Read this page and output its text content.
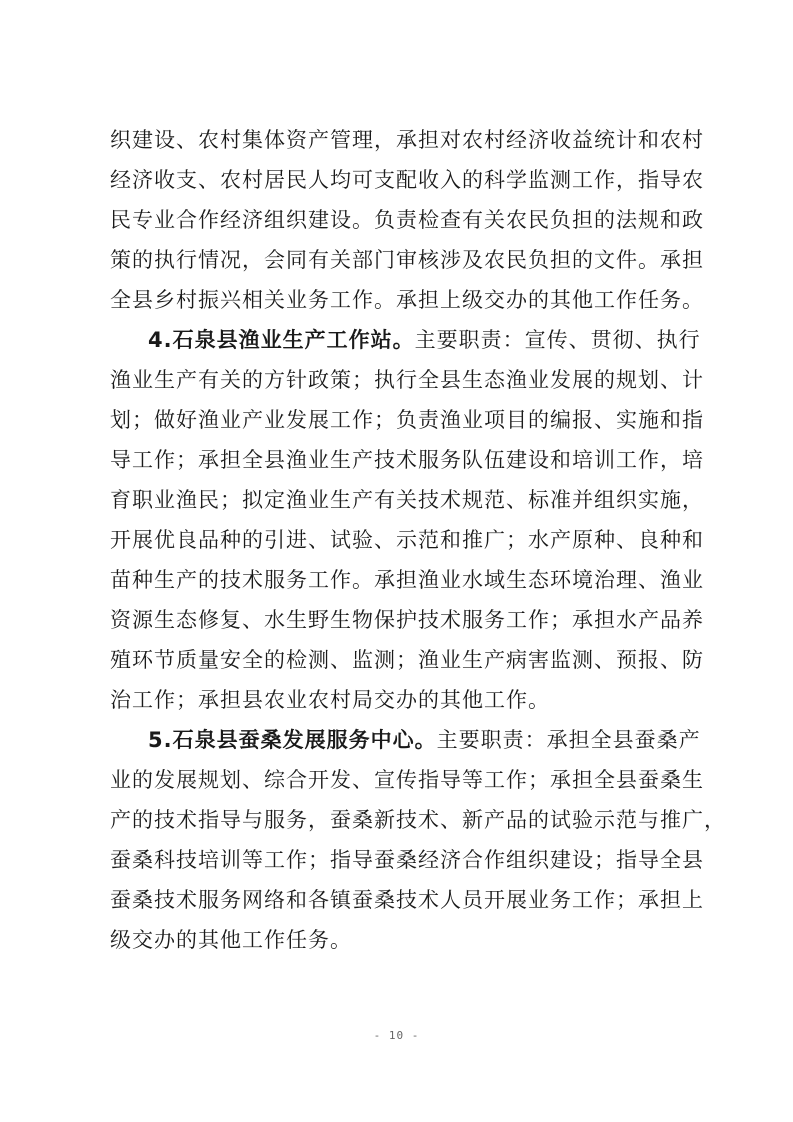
织建设、农村集体资产管理，承担对农村经济收益统计和农村
经济收支、农村居民人均可支配收入的科学监测工作，指导农
民专业合作经济组织建设。负责检查有关农民负担的法规和政
策的执行情况，会同有关部门审核涉及农民负担的文件。承担
全县乡村振兴相关业务工作。承担上级交办的其他工作任务。
4.石泉县渔业生产工作站。主要职责：宣传、贯彻、执行
渔业生产有关的方针政策；执行全县生态渔业发展的规划、计
划；做好渔业产业发展工作；负责渔业项目的编报、实施和指
导工作；承担全县渔业生产技术服务队伍建设和培训工作，培
育职业渔民；拟定渔业生产有关技术规范、标准并组织实施，
开展优良品种的引进、试验、示范和推广；水产原种、良种和
苗种生产的技术服务工作。承担渔业水域生态环境治理、渔业
资源生态修复、水生野生物保护技术服务工作；承担水产品养
殖环节质量安全的检测、监测；渔业生产病害监测、预报、防
治工作；承担县农业农村局交办的其他工作。
5.石泉县蚕桑发展服务中心。主要职责：承担全县蚕桑产
业的发展规划、综合开发、宣传指导等工作；承担全县蚕桑生
产的技术指导与服务，蚕桑新技术、新产品的试验示范与推广，
蚕桑科技培训等工作；指导蚕桑经济合作组织建设；指导全县
蚕桑技术服务网络和各镇蚕桑技术人员开展业务工作；承担上
级交办的其他工作任务。
- 10 -
